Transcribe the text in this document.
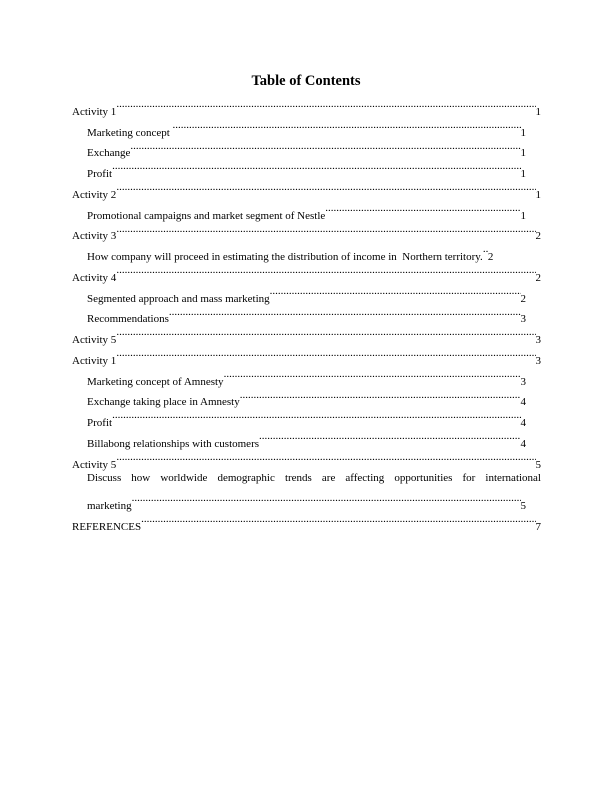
Table of Contents
Activity 1 .....	1
Marketing concept .....	1
Exchange .....	1
Profit .....	1
Activity 2 .....	1
Promotional campaigns and market segment of Nestle .....	1
Activity 3 .....	2
How company will proceed in estimating the distribution of income in  Northern territory. ..... 2
Activity 4 .....	2
Segmented approach and mass marketing .....	2
Recommendations .....	3
Activity 5 .....	3
Activity 1 .....	3
Marketing concept of Amnesty .....	3
Exchange taking place in Amnesty .....	4
Profit .....	4
Billabong relationships with customers .....	4
Activity 5 .....	5
Discuss how worldwide demographic trends are affecting opportunities for international
marketing .....	5
REFERENCES .....	7
